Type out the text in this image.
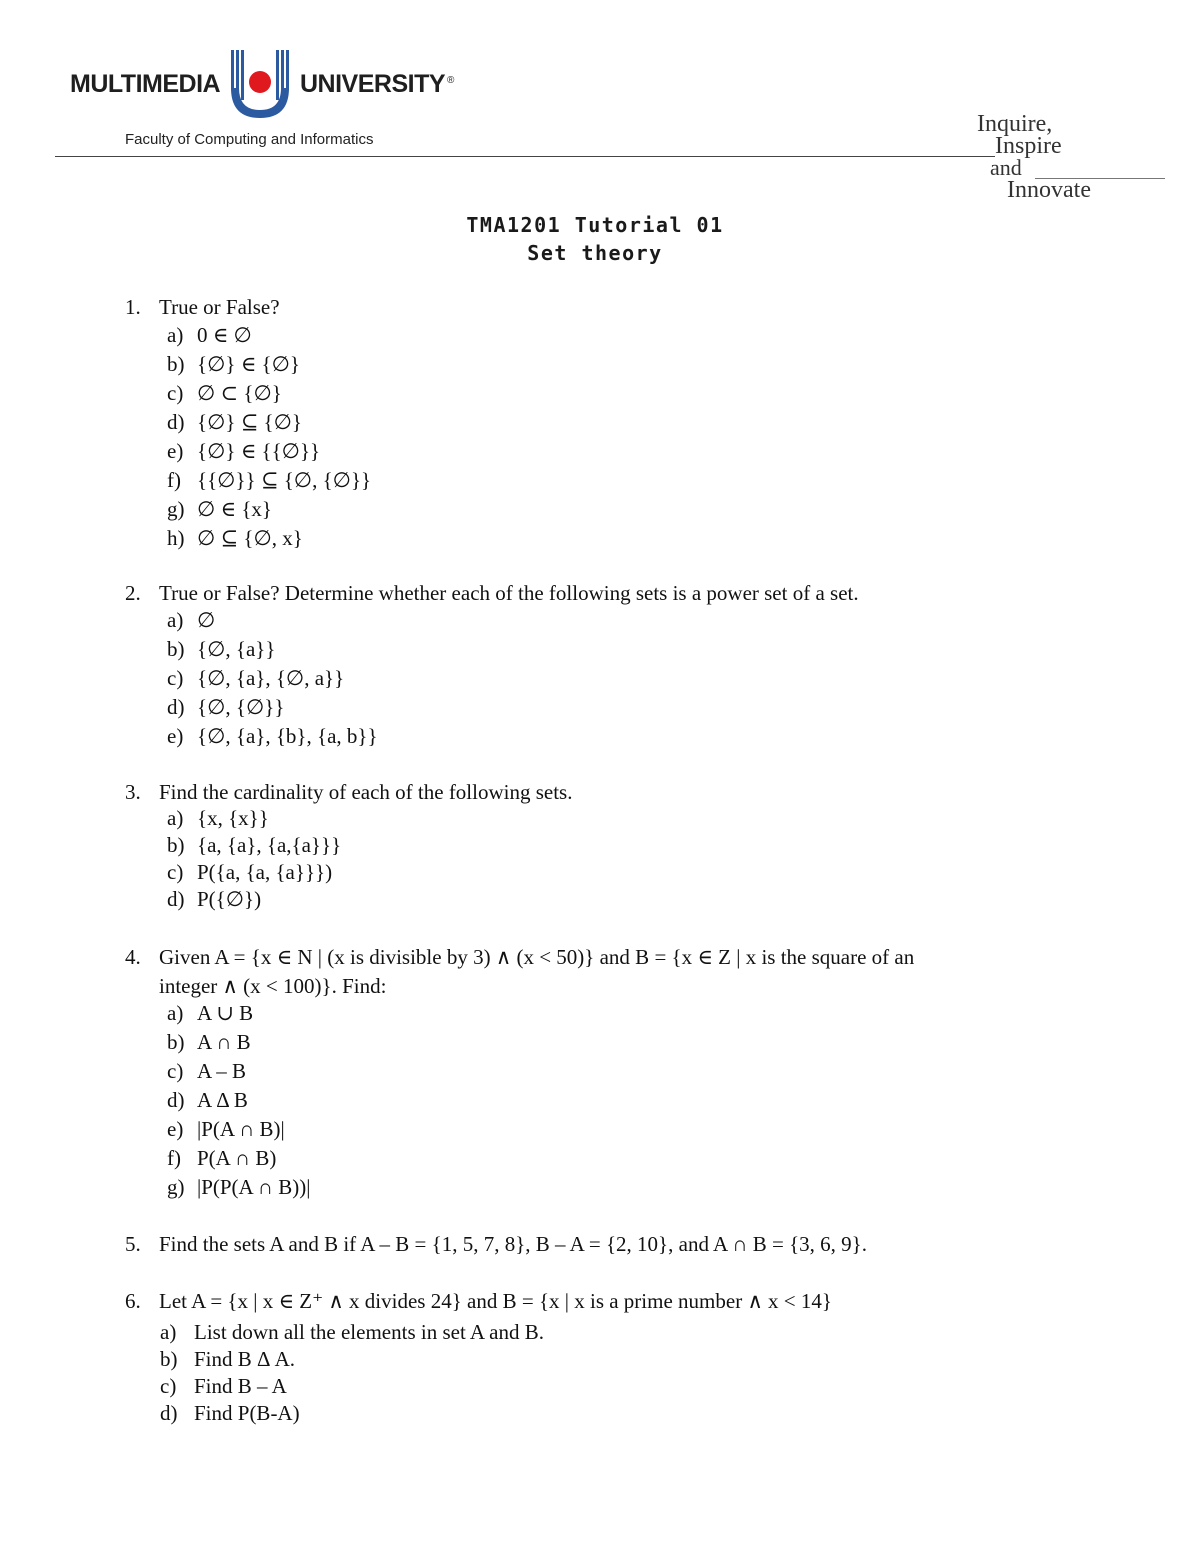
MULTIMEDIA	UNIVERSITY ®
Faculty of Computing and Informatics
Inquire,
Inspire
and
Innovate
TMA1201 Tutorial 01
Set theory
1. True or False?
a) 0 ∈ ∅
b) {∅} ∈ {∅}
c) ∅ ⊂ {∅}
d) {∅} ⊆ {∅}
e) {∅} ∈ {{∅}}
f) {{∅}} ⊆ {∅, {∅}}
g) ∅ ∈ {x}
h) ∅ ⊆ {∅, x}
2. True or False? Determine whether each of the following sets is a power set of a set.
a) ∅
b) {∅, {a}}
c) {∅, {a}, {∅, a}}
d) {∅, {∅}}
e) {∅, {a}, {b}, {a, b}}
3. Find the cardinality of each of the following sets.
a) {x, {x}}
b) {a, {a}, {a,{a}}}
c) P({a, {a, {a}}})
d) P({∅})
4. Given A = {x ∈ N | (x is divisible by 3) ∧ (x < 50)} and B = {x ∈ Z | x is the square of an
integer ∧ (x < 100)}. Find:
a) A ∪ B
b) A ∩ B
c) A – B
d) A Δ B
e) |P(A ∩ B)|
f) P(A ∩ B)
g) |P(P(A ∩ B))|
5. Find the sets A and B if A – B = {1, 5, 7, 8}, B – A = {2, 10}, and A ∩ B = {3, 6, 9}.
6. Let A = {x | x ∈ Z⁺ ∧ x divides 24} and B = {x | x is a prime number ∧ x < 14}
a) List down all the elements in set A and B.
b) Find B Δ A.
c) Find B – A
d) Find P(B-A)
